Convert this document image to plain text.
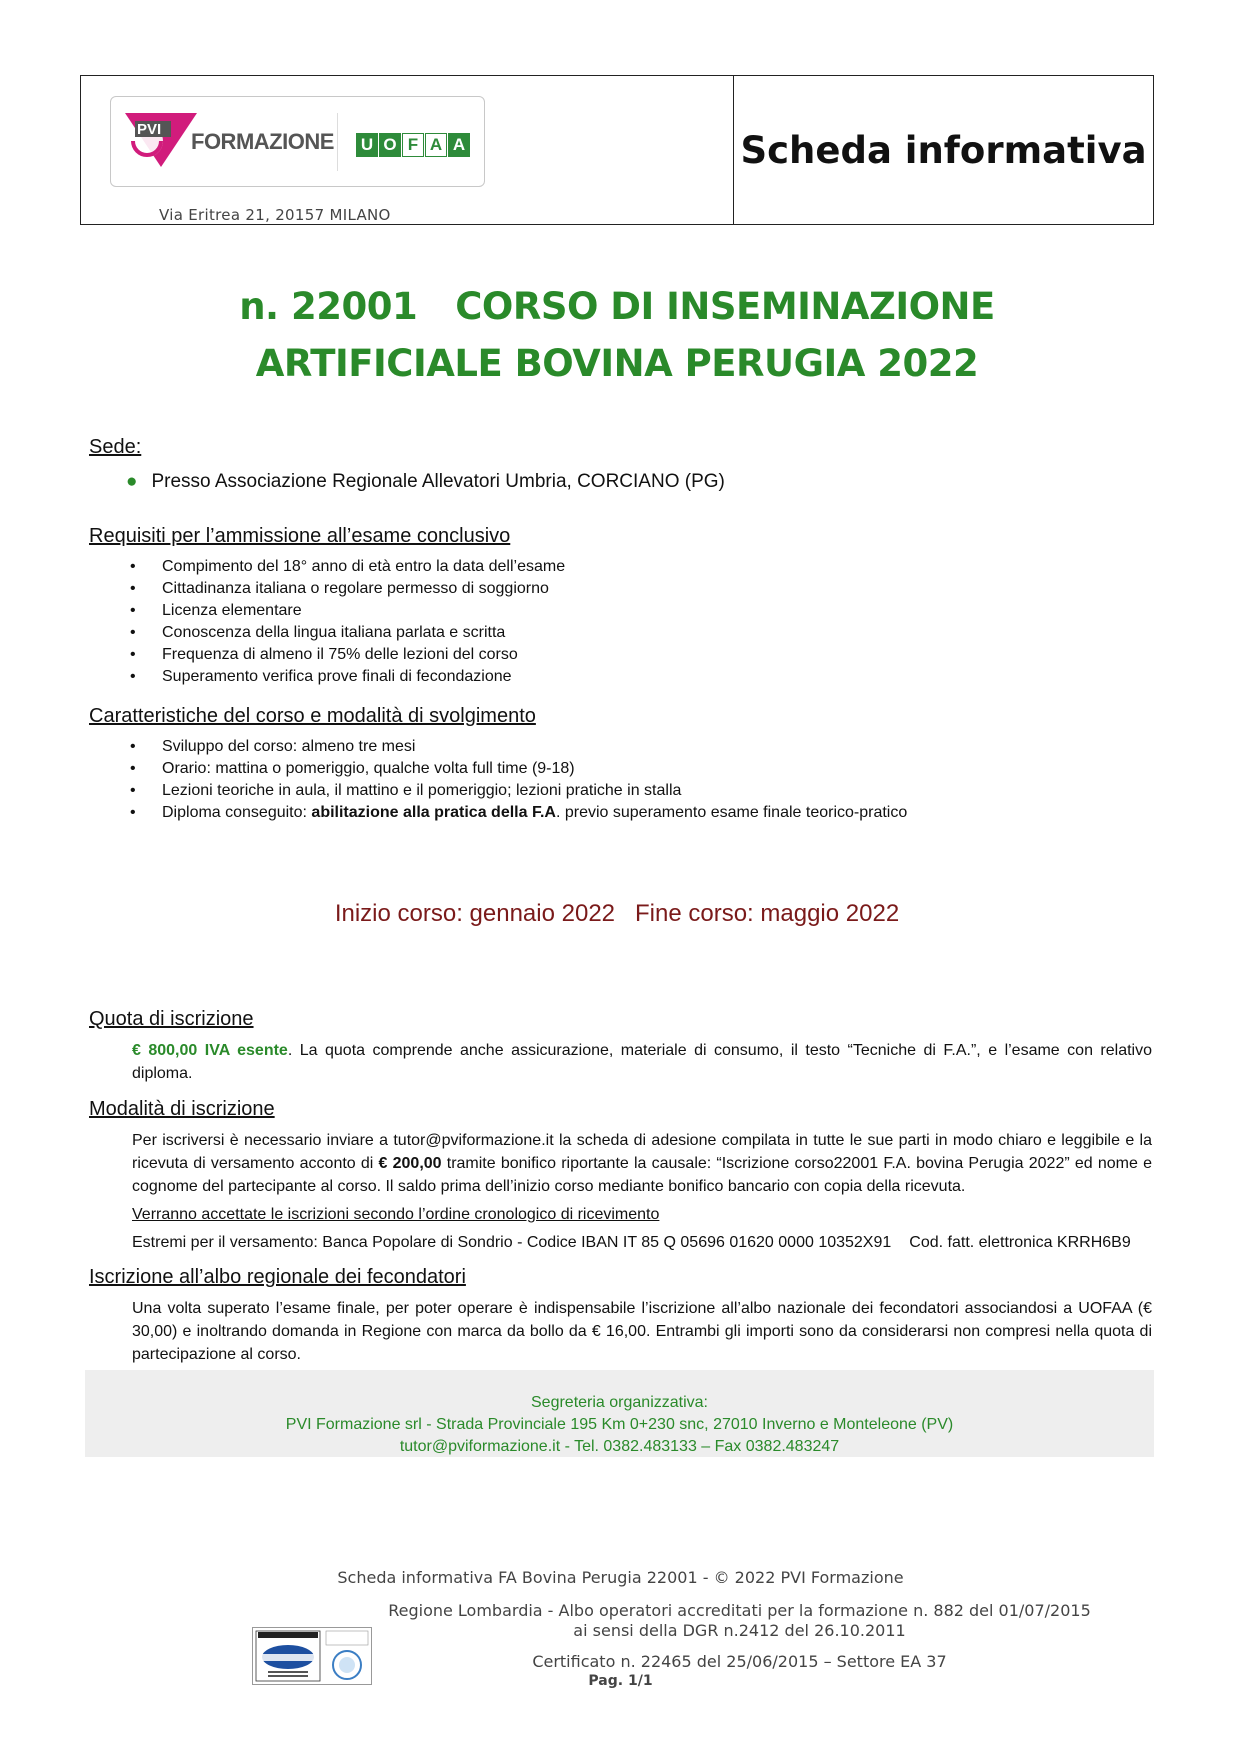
PVI FORMAZIONE U O F A A
Via Eritrea 21, 20157 MILANO
Scheda informativa
n. 22001 CORSO DI INSEMINAZIONE
ARTIFICIALE BOVINA PERUGIA 2022
Sede:
● Presso Associazione Regionale Allevatori Umbria, CORCIANO (PG)
Requisiti per l’ammissione all’esame conclusivo
• Compimento del 18° anno di età entro la data dell’esame
• Cittadinanza italiana o regolare permesso di soggiorno
• Licenza elementare
• Conoscenza della lingua italiana parlata e scritta
• Frequenza di almeno il 75% delle lezioni del corso
• Superamento verifica prove finali di fecondazione
Caratteristiche del corso e modalità di svolgimento
• Sviluppo del corso: almeno tre mesi
• Orario: mattina o pomeriggio, qualche volta full time (9-18)
• Lezioni teoriche in aula, il mattino e il pomeriggio; lezioni pratiche in stalla
• Diploma conseguito: abilitazione alla pratica della F.A. previo superamento esame finale teorico-pratico
Inizio corso: gennaio 2022 Fine corso: maggio 2022
Quota di iscrizione
€ 800,00 IVA esente. La quota comprende anche assicurazione, materiale di consumo, il testo “Tecniche di F.A.”, e l’esame con relativo diploma.
Modalità di iscrizione
Per iscriversi è necessario inviare a tutor@pviformazione.it la scheda di adesione compilata in tutte le sue parti in modo chiaro e leggibile e la ricevuta di versamento acconto di € 200,00 tramite bonifico riportante la causale: “Iscrizione corso22001 F.A. bovina Perugia 2022” ed nome e cognome del partecipante al corso. Il saldo prima dell’inizio corso mediante bonifico bancario con copia della ricevuta.
Verranno accettate le iscrizioni secondo l’ordine cronologico di ricevimento
Estremi per il versamento: Banca Popolare di Sondrio - Codice IBAN IT 85 Q 05696 01620 0000 10352X91 Cod. fatt. elettronica KRRH6B9
Iscrizione all’albo regionale dei fecondatori
Una volta superato l’esame finale, per poter operare è indispensabile l’iscrizione all’albo nazionale dei fecondatori associandosi a UOFAA (€ 30,00) e inoltrando domanda in Regione con marca da bollo da € 16,00. Entrambi gli importi sono da considerarsi non compresi nella quota di partecipazione al corso.
Segreteria organizzativa:
PVI Formazione srl - Strada Provinciale 195 Km 0+230 snc, 27010 Inverno e Monteleone (PV)
tutor@pviformazione.it - Tel. 0382.483133 – Fax 0382.483247
Scheda informativa FA Bovina Perugia 22001 - © 2022 PVI Formazione
Regione Lombardia - Albo operatori accreditati per la formazione n. 882 del 01/07/2015
ai sensi della DGR n.2412 del 26.10.2011
Certificato n. 22465 del 25/06/2015 – Settore EA 37
Pag. 1/1
